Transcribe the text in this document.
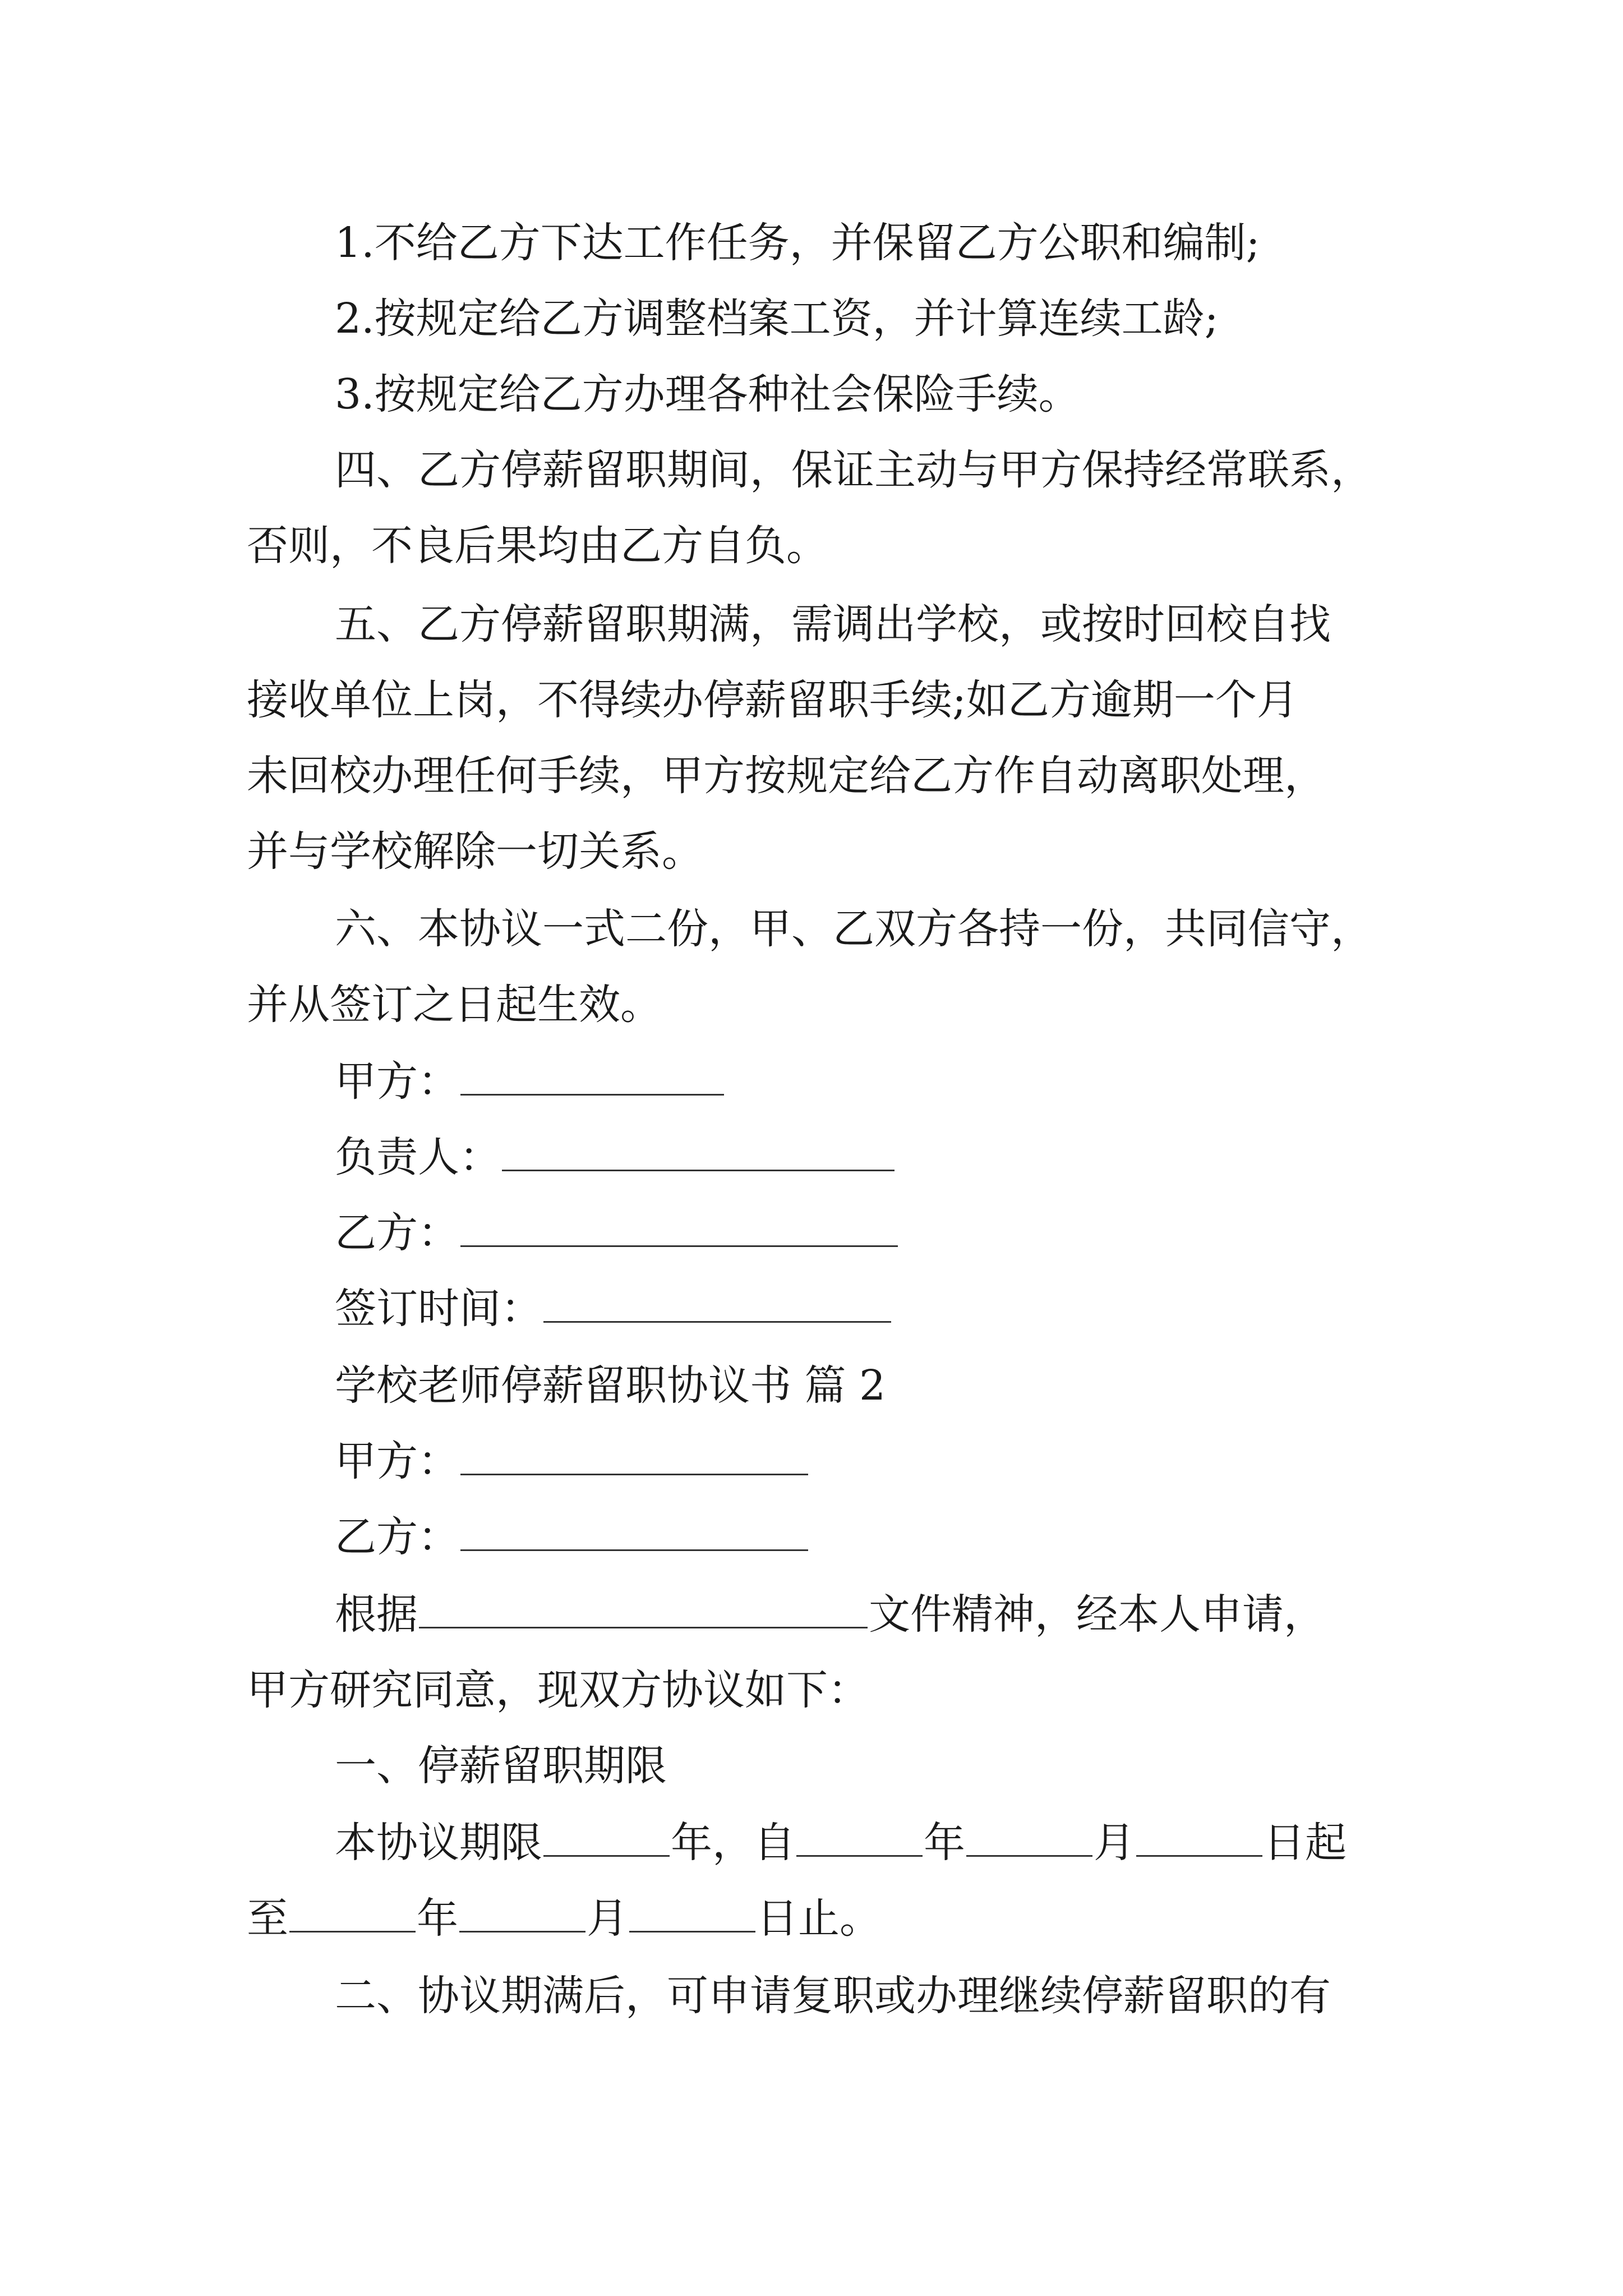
1.不给乙方下达工作任务，并保留乙方公职和编制;
2.按规定给乙方调整档案工资，并计算连续工龄;
3.按规定给乙方办理各种社会保险手续。
四、乙方停薪留职期间，保证主动与甲方保持经常联系，
否则，不良后果均由乙方自负。
五、乙方停薪留职期满，需调出学校，或按时回校自找
接收单位上岗，不得续办停薪留职手续;如乙方逾期一个月
未回校办理任何手续，甲方按规定给乙方作自动离职处理，
并与学校解除一切关系。
六、本协议一式二份，甲、乙双方各持一份，共同信守，
并从签订之日起生效。
甲方：
负责人：
乙方：
签订时间：
学校老师停薪留职协议书 篇 2
甲方：
乙方：
根据	文件精神，经本人申请，
甲方研究同意，现双方协议如下：
一、停薪留职期限
本协议期限	年，自	年	月	日起
至	年	月	日止。
二、协议期满后，可申请复职或办理继续停薪留职的有
